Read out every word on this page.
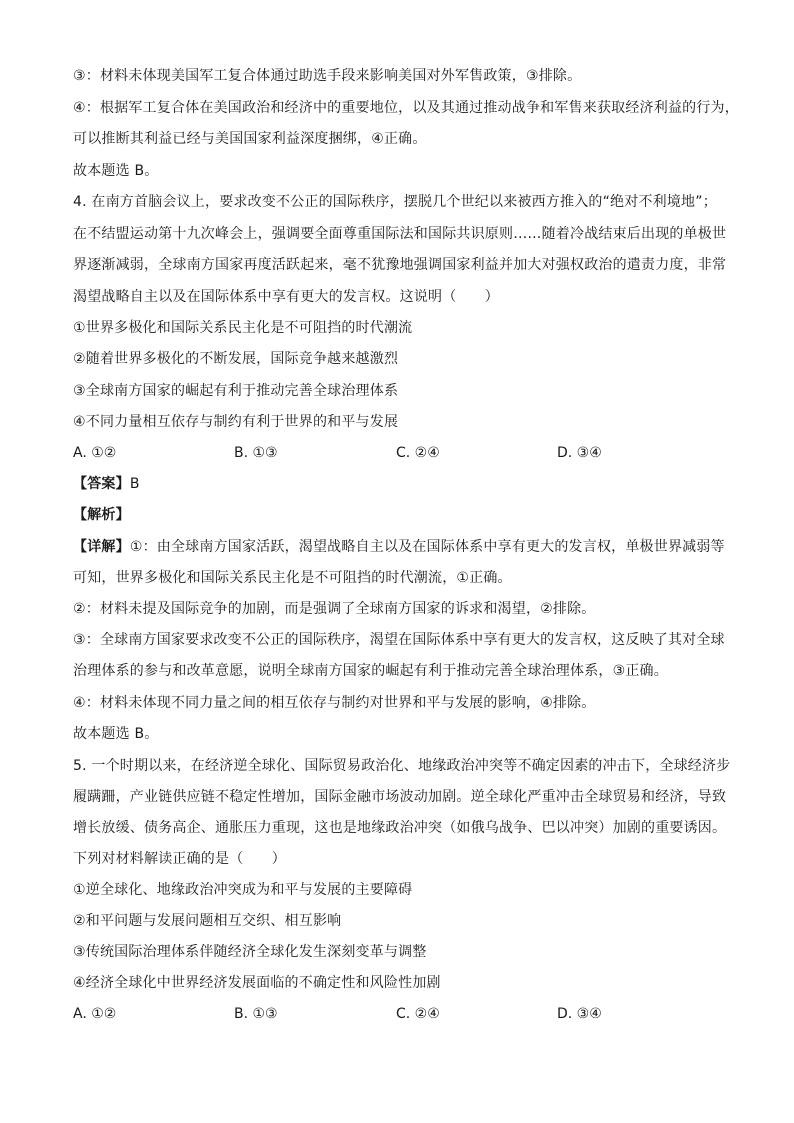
③：材料未体现美国军工复合体通过助选手段来影响美国对外军售政策，③排除。
④：根据军工复合体在美国政治和经济中的重要地位，以及其通过推动战争和军售来获取经济利益的行为，
可以推断其利益已经与美国国家利益深度捆绑，④正确。
故本题选 B。
4. 在南方首脑会议上，要求改变不公正的国际秩序，摆脱几个世纪以来被西方推入的“绝对不利境地”；
在不结盟运动第十九次峰会上，强调要全面尊重国际法和国际共识原则……随着冷战结束后出现的单极世
界逐渐减弱，全球南方国家再度活跃起来，毫不犹豫地强调国家利益并加大对强权政治的遣责力度，非常
渴望战略自主以及在国际体系中享有更大的发言权。这说明（　　）
①世界多极化和国际关系民主化是不可阻挡的时代潮流
②随着世界多极化的不断发展，国际竞争越来越激烈
③全球南方国家的崛起有利于推动完善全球治理体系
④不同力量相互依存与制约有利于世界的和平与发展
A. ①②	B. ①③	C. ②④	D. ③④
【答案】B
【解析】
【详解】①：由全球南方国家活跃，渴望战略自主以及在国际体系中享有更大的发言权，单极世界减弱等
可知，世界多极化和国际关系民主化是不可阻挡的时代潮流，①正确。
②：材料未提及国际竞争的加剧，而是强调了全球南方国家的诉求和渴望，②排除。
③：全球南方国家要求改变不公正的国际秩序，渴望在国际体系中享有更大的发言权，这反映了其对全球
治理体系的参与和改革意愿，说明全球南方国家的崛起有利于推动完善全球治理体系，③正确。
④：材料未体现不同力量之间的相互依存与制约对世界和平与发展的影响，④排除。
故本题选 B。
5. 一个时期以来，在经济逆全球化、国际贸易政治化、地缘政治冲突等不确定因素的冲击下，全球经济步
履蹒跚，产业链供应链不稳定性增加，国际金融市场波动加剧。逆全球化严重冲击全球贸易和经济，导致
增长放缓、债务高企、通胀压力重现，这也是地缘政治冲突（如俄乌战争、巴以冲突）加剧的重要诱因。
下列对材料解读正确的是（　　）
①逆全球化、地缘政治冲突成为和平与发展的主要障碍
②和平问题与发展问题相互交织、相互影响
③传统国际治理体系伴随经济全球化发生深刻变革与调整
④经济全球化中世界经济发展面临的不确定性和风险性加剧
A. ①②	B. ①③	C. ②④	D. ③④
